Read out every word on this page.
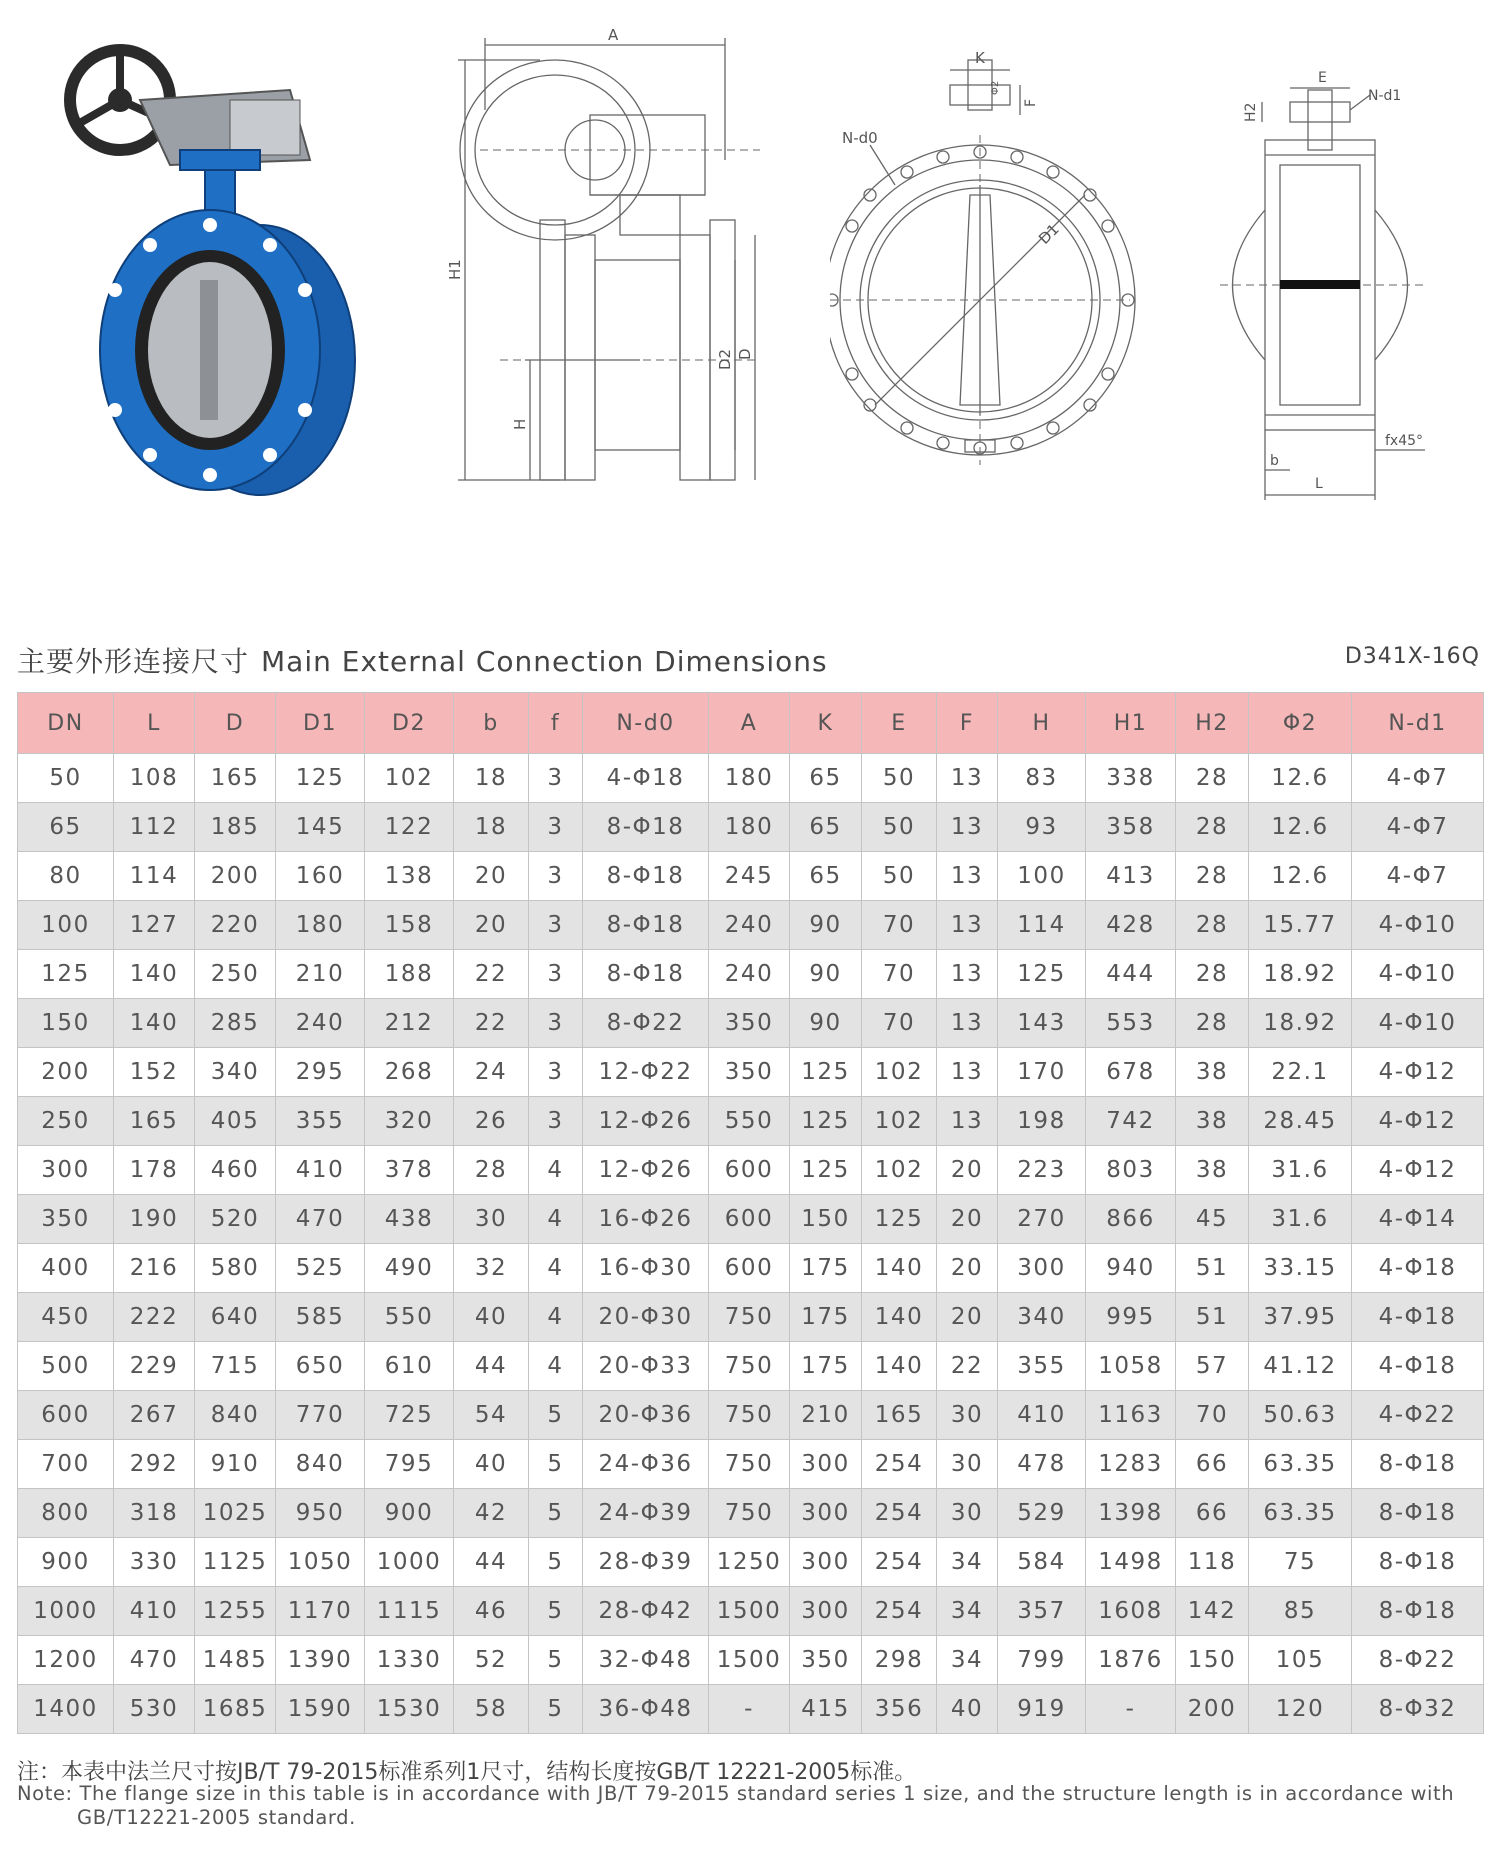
A
H1
H
D2 D
K
Φ2
F
N-d0
D1
E
H2
N-d1
b
L
fx45°
主要外形连接尺寸 Main External Connection Dimensions	D341X-16Q
DN	L	D	D1	D2	b	f	N-d0	A	K	E	F	H	H1	H2	Φ2	N-d1
50	108	165	125	102	18	3	4-Φ18	180	65	50	13	83	338	28	12.6	4-Φ7
65	112	185	145	122	18	3	8-Φ18	180	65	50	13	93	358	28	12.6	4-Φ7
80	114	200	160	138	20	3	8-Φ18	245	65	50	13	100	413	28	12.6	4-Φ7
100	127	220	180	158	20	3	8-Φ18	240	90	70	13	114	428	28	15.77	4-Φ10
125	140	250	210	188	22	3	8-Φ18	240	90	70	13	125	444	28	18.92	4-Φ10
150	140	285	240	212	22	3	8-Φ22	350	90	70	13	143	553	28	18.92	4-Φ10
200	152	340	295	268	24	3	12-Φ22	350	125	102	13	170	678	38	22.1	4-Φ12
250	165	405	355	320	26	3	12-Φ26	550	125	102	13	198	742	38	28.45	4-Φ12
300	178	460	410	378	28	4	12-Φ26	600	125	102	20	223	803	38	31.6	4-Φ12
350	190	520	470	438	30	4	16-Φ26	600	150	125	20	270	866	45	31.6	4-Φ14
400	216	580	525	490	32	4	16-Φ30	600	175	140	20	300	940	51	33.15	4-Φ18
450	222	640	585	550	40	4	20-Φ30	750	175	140	20	340	995	51	37.95	4-Φ18
500	229	715	650	610	44	4	20-Φ33	750	175	140	22	355	1058	57	41.12	4-Φ18
600	267	840	770	725	54	5	20-Φ36	750	210	165	30	410	1163	70	50.63	4-Φ22
700	292	910	840	795	40	5	24-Φ36	750	300	254	30	478	1283	66	63.35	8-Φ18
800	318	1025	950	900	42	5	24-Φ39	750	300	254	30	529	1398	66	63.35	8-Φ18
900	330	1125	1050	1000	44	5	28-Φ39	1250	300	254	34	584	1498	118	75	8-Φ18
1000	410	1255	1170	1115	46	5	28-Φ42	1500	300	254	34	357	1608	142	85	8-Φ18
1200	470	1485	1390	1330	52	5	32-Φ48	1500	350	298	34	799	1876	150	105	8-Φ22
1400	530	1685	1590	1530	58	5	36-Φ48	-	415	356	40	919	-	200	120	8-Φ32
注：本表中法兰尺寸按JB/T 79-2015标准系列1尺寸，结构长度按GB/T 12221-2005标准。
Note: The flange size in this table is in accordance with JB/T 79-2015 standard series 1 size, and the structure length is in accordance with
GB/T12221-2005 standard.
